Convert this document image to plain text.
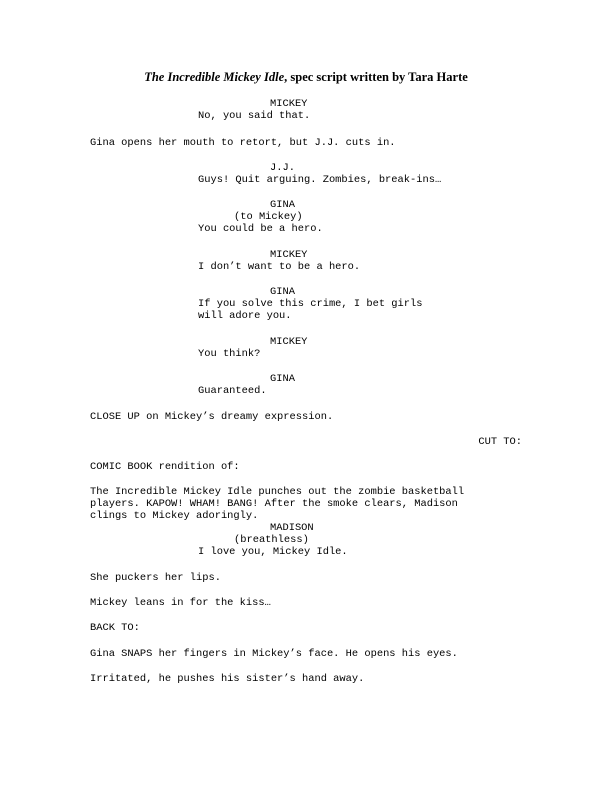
The Incredible Mickey Idle, spec script written by Tara Harte

MICKEY

No, you said that.

Gina opens her mouth to retort, but J.J. cuts in.

J.J.

Guys! Quit arguing. Zombies, break-ins…

GINA

(to Mickey)

You could be a hero.

MICKEY

I don’t want to be a hero.

GINA

If you solve this crime, I bet girls

will adore you.

MICKEY

You think?

GINA

Guaranteed.

CLOSE UP on Mickey’s dreamy expression.

CUT TO:

COMIC BOOK rendition of:

The Incredible Mickey Idle punches out the zombie basketball

players. KAPOW! WHAM! BANG! After the smoke clears, Madison

clings to Mickey adoringly.

MADISON

(breathless)

I love you, Mickey Idle.

She puckers her lips.

Mickey leans in for the kiss…

BACK TO:

Gina SNAPS her fingers in Mickey’s face. He opens his eyes.

Irritated, he pushes his sister’s hand away.
